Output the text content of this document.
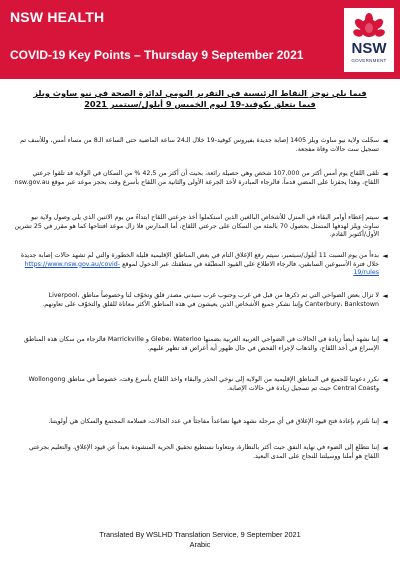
NSW HEALTH
COVID-19 Key Points – Thursday 9 September 2021	NSW
GOVERNMENT
فيما يلي نوجز النقاط الرئيسية في التقرير اليومي لدائرة الصحة في نيو ساوث ويلز فيما يتعلق بكوفيد-19 ليوم الخميس 9 أيلول/سبتمبر 2021
◄
سجّلت ولاية نيو ساوث ويلز 1405 إصابة جديدة بفيروس كوفيد-19 خلال الـ24 ساعة الماضية حتى الساعة الـ8 من مساء أمس، وللأسف تم تسجيل ست حالات وفاة مفجعة.
◄
تلقى اللقاح يوم أمس أكثر من 107,000 شخص وهي حصيلة رائعة، بحيث أن أكثر من 42,5 % من السكان في الولاية قد تلقوا جرعتي اللقاح، وهذا يحفزنا على المضي قدماً، فالرجاء المبادرة لأخذ الجرعة الأولى والثانية من اللقاح بأسرع وقت بحجز موعد عبر موقع nsw.gov.au
◄
سيتم إعطاء أوامر البقاء في المنزل للأشخاص البالغين الذين استكملوا أخذ جرعتي اللقاح ابتداءً من يوم الاثنين الذي يلي وصول ولاية نيو ساوث ويلز لهدفها المتمثل بحصول 70 بالمئة من السكان على جرعتي اللقاح، أما المدارس فلا زال موعد افتتاحها كما هو مقرر في 25 تشرين الأول/أكتوبر القادم.
◄
بدءاً من يوم السبت 11 أيلول/سبتمبر، سيتم رفع الإغلاق التام في بعض المناطق الإقليمية قليلة الخطورة والتي لم تشهد حالات إصابة جديدة خلال فترة الأسبوعين السابقين، فالرجاء الاطلاع على القيود المطبّقة في منطقتك عبر الدخول لموقع https://www.nsw.gov.au/covid-19/rules
◄
لا تزال بعض الضواحي التي تم ذكرها من قبل في غرب وجنوب غرب سيدني مصدر قلق وتخوّف لنا وخصوصاً مناطق Liverpool، Canterbury، Bankstown وإننا نشكر جميع الأشخاص الذين يعيشون في هذه المناطق الأكثر معاناة للقلق والتخوّف على تعاونهم.
◄
إننا نشهد أيضاً زيادة في الحالات في الضواحي الغربية الغربية بضمنها Glebe، Waterloo و Marrickville فالرجاء من سكان هذه المناطق الإسراع في أخذ اللقاح، والذهاب لإجراء الفحص في حال ظهور أية أعراض قد تظهر عليهم.
◄
نكرر دعوتنا للجميع في المناطق الإقليمية من الولاية إلى نوخي الحذر والبقاء واخذ اللقاح بأسرع وقت، خصوصاً في مناطق Wollongong وCentral Coast حيث تم تسجيل زيادة في حالات الإصابة.
◄
إننا نلتزم بإعادة فتح قيود الإغلاق في أي مرحلة نشهد فيها تصاعداً مفاجئاً في عدد الحالات، فسلامة المجتمع والسكان هي أولويتنا.
◄
إننا نتطلع إلى الضوء في نهاية النفق حيث أكثر بالنظارة، ونتعاونا نستطيع تحقيق الحرية المنشودة بعيداً عن قيود الإغلاق، والتعليم بجرعتي اللقاح هو أملنا ووسيلتنا للنجاح على المدى البعيد.
Translated By WSLHD Translation Service, 9 September 2021
Arabic
